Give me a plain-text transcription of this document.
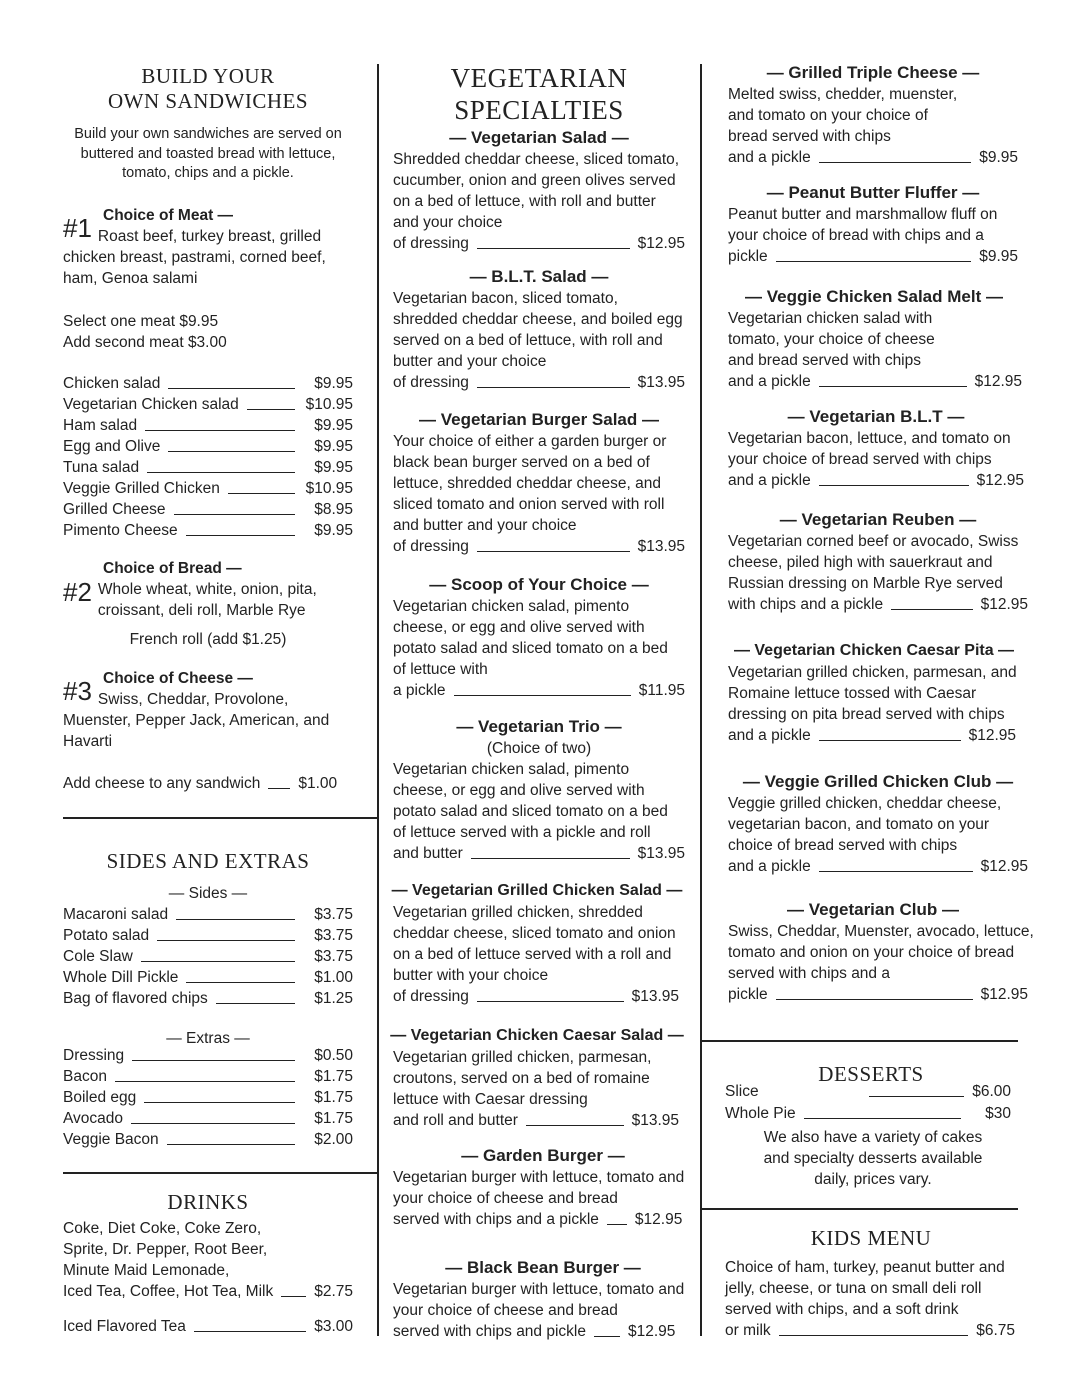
BUILD YOUR
OWN SANDWICHES
Build your own sandwiches are served on buttered and toasted bread with lettuce, tomato, chips and a pickle.
#1 Choice of Meat —
Roast beef, turkey breast, grilled chicken breast, pastrami, corned beef, ham, Genoa salami
Select one meat $9.95
Add second meat $3.00
Chicken salad	$9.95
Vegetarian Chicken salad	$10.95
Ham salad	$9.95
Egg and Olive	$9.95
Tuna salad	$9.95
Veggie Grilled Chicken	$10.95
Grilled Cheese	$8.95
Pimento Cheese	$9.95
Choice of Bread —
#2 Whole wheat, white, onion, pita, croissant, deli roll, Marble Rye
French roll (add $1.25)
#3 Choice of Cheese —
Swiss, Cheddar, Provolone, Muenster, Pepper Jack, American, and Havarti
Add cheese to any sandwich $1.00
SIDES AND EXTRAS
— Sides —
Macaroni salad	$3.75
Potato salad	$3.75
Cole Slaw	$3.75
Whole Dill Pickle	$1.00
Bag of flavored chips	$1.25
— Extras —
Dressing	$0.50
Bacon	$1.75
Boiled egg	$1.75
Avocado	$1.75
Veggie Bacon	$2.00
DRINKS
Coke, Diet Coke, Coke Zero,
Sprite, Dr. Pepper, Root Beer,
Minute Maid Lemonade,
Iced Tea, Coffee, Hot Tea, Milk	$2.75
Iced Flavored Tea	$3.00
VEGETARIAN
SPECIALTIES
— Vegetarian Salad —
Shredded cheddar cheese, sliced tomato, cucumber, onion and green olives served on a bed of lettuce, with roll and butter and your choice
of dressing	$12.95
— B.L.T. Salad —
Vegetarian bacon, sliced tomato, shredded cheddar cheese, and boiled egg served on a bed of lettuce, with roll and butter and your choice
of dressing	$13.95
— Vegetarian Burger Salad —
Your choice of either a garden burger or black bean burger served on a bed of lettuce, shredded cheddar cheese, and sliced tomato and onion served with roll and butter and your choice
of dressing	$13.95
— Scoop of Your Choice —
Vegetarian chicken salad, pimento cheese, or egg and olive served with potato salad and sliced tomato on a bed of lettuce with
a pickle	$11.95
— Vegetarian Trio —
(Choice of two)
Vegetarian chicken salad, pimento cheese, or egg and olive served with potato salad and sliced tomato on a bed of lettuce served with a pickle and roll
and butter	$13.95
— Vegetarian Grilled Chicken Salad —
Vegetarian grilled chicken, shredded cheddar cheese, sliced tomato and onion on a bed of lettuce served with a roll and butter with your choice
of dressing	$13.95
— Vegetarian Chicken Caesar Salad —
Vegetarian grilled chicken, parmesan, croutons, served on a bed of romaine lettuce with Caesar dressing
and roll and butter	$13.95
— Garden Burger —
Vegetarian burger with lettuce, tomato and your choice of cheese and bread
served with chips and a pickle $12.95
— Black Bean Burger —
Vegetarian burger with lettuce, tomato and your choice of cheese and bread
served with chips and pickle	$12.95
— Grilled Triple Cheese —
Melted swiss, chedder, muenster, and tomato on your choice of bread served with chips
and a pickle	$9.95
— Peanut Butter Fluffer —
Peanut butter and marshmallow fluff on your choice of bread with chips and a
pickle	$9.95
— Veggie Chicken Salad Melt —
Vegetarian chicken salad with tomato, your choice of cheese and bread served with chips
and a pickle	$12.95
— Vegetarian B.L.T —
Vegetarian bacon, lettuce, and tomato on your choice of bread served with chips
and a pickle	$12.95
— Vegetarian Reuben —
Vegetarian corned beef or avocado, Swiss cheese, piled high with sauerkraut and Russian dressing on Marble Rye served
with chips and a pickle	$12.95
— Vegetarian Chicken Caesar Pita —
Vegetarian grilled chicken, parmesan, and Romaine lettuce tossed with Caesar dressing on pita bread served with chips
and a pickle	$12.95
— Veggie Grilled Chicken Club —
Veggie grilled chicken, cheddar cheese, vegetarian bacon, and tomato on your choice of bread served with chips
and a pickle	$12.95
— Vegetarian Club —
Swiss, Cheddar, Muenster, avocado, lettuce, tomato and onion on your choice of bread served with chips and a
pickle	$12.95
DESSERTS
Slice	$6.00
Whole Pie	$30
We also have a variety of cakes and specialty desserts available daily, prices vary.
KIDS MENU
Choice of ham, turkey, peanut butter and jelly, cheese, or tuna on small deli roll served with chips, and a soft drink
or milk	$6.75
